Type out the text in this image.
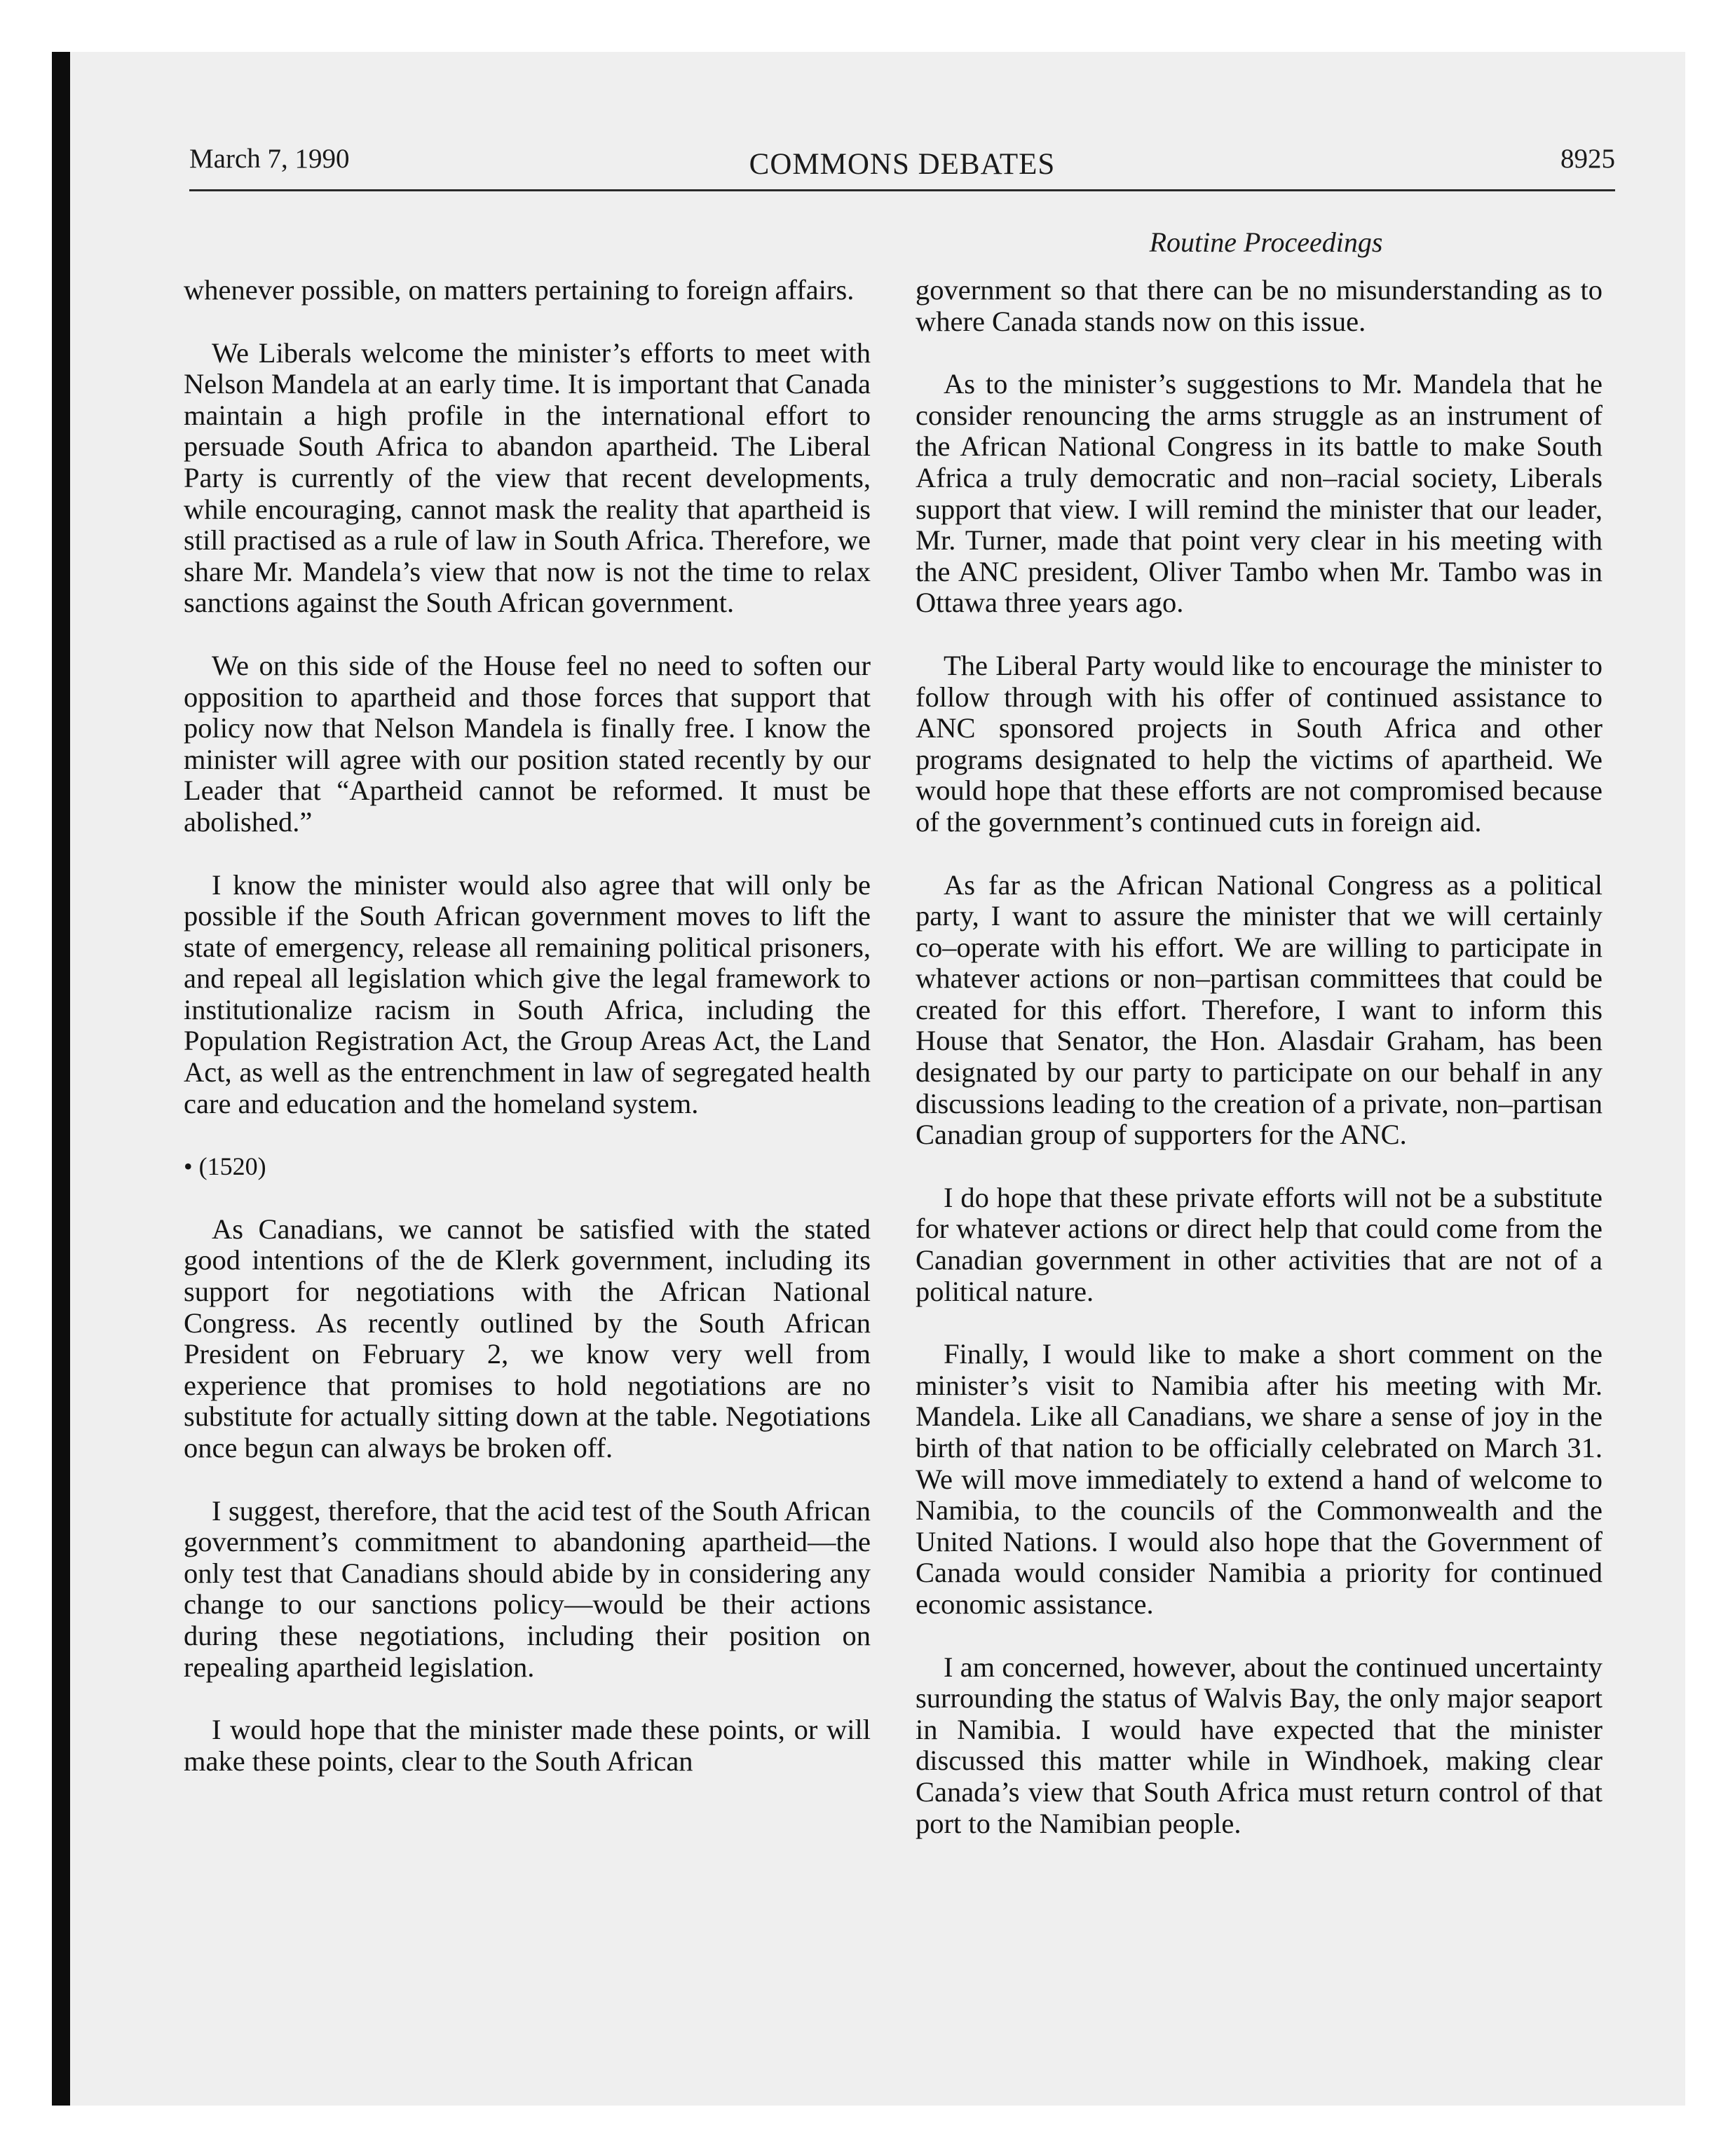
March 7, 1990	COMMONS DEBATES	8925
Routine Proceedings

whenever possible, on matters pertaining to foreign affairs.

We Liberals welcome the minister’s efforts to meet with Nelson Mandela at an early time. It is important that Canada maintain a high profile in the international effort to persuade South Africa to abandon apartheid. The Liberal Party is currently of the view that recent developments, while encouraging, cannot mask the reality that apartheid is still practised as a rule of law in South Africa. Therefore, we share Mr. Mandela’s view that now is not the time to relax sanctions against the South African government.

We on this side of the House feel no need to soften our opposition to apartheid and those forces that support that policy now that Nelson Mandela is finally free. I know the minister will agree with our position stated recently by our Leader that “Apartheid cannot be reformed. It must be abolished.”

I know the minister would also agree that will only be possible if the South African government moves to lift the state of emergency, release all remaining political prisoners, and repeal all legislation which give the legal framework to institutionalize racism in South Africa, including the Population Registration Act, the Group Areas Act, the Land Act, as well as the entrenchment in law of segregated health care and education and the homeland system.

• (1520)

As Canadians, we cannot be satisfied with the stated good intentions of the de Klerk government, including its support for negotiations with the African National Congress. As recently outlined by the South African President on February 2, we know very well from experience that promises to hold negotiations are no substitute for actually sitting down at the table. Negotiations once begun can always be broken off.

I suggest, therefore, that the acid test of the South African government’s commitment to abandoning apartheid—the only test that Canadians should abide by in considering any change to our sanctions policy—would be their actions during these negotiations, including their position on repealing apartheid legislation.

I would hope that the minister made these points, or will make these points, clear to the South African

government so that there can be no misunderstanding as to where Canada stands now on this issue.

As to the minister’s suggestions to Mr. Mandela that he consider renouncing the arms struggle as an instrument of the African National Congress in its battle to make South Africa a truly democratic and non–racial society, Liberals support that view. I will remind the minister that our leader, Mr. Turner, made that point very clear in his meeting with the ANC president, Oliver Tambo when Mr. Tambo was in Ottawa three years ago.

The Liberal Party would like to encourage the minister to follow through with his offer of continued assistance to ANC sponsored projects in South Africa and other programs designated to help the victims of apartheid. We would hope that these efforts are not compromised because of the government’s continued cuts in foreign aid.

As far as the African National Congress as a political party, I want to assure the minister that we will certainly co–operate with his effort. We are willing to participate in whatever actions or non–partisan committees that could be created for this effort. Therefore, I want to inform this House that Senator, the Hon. Alasdair Graham, has been designated by our party to participate on our behalf in any discussions leading to the creation of a private, non–partisan Canadian group of supporters for the ANC.

I do hope that these private efforts will not be a substitute for whatever actions or direct help that could come from the Canadian government in other activities that are not of a political nature.

Finally, I would like to make a short comment on the minister’s visit to Namibia after his meeting with Mr. Mandela. Like all Canadians, we share a sense of joy in the birth of that nation to be officially celebrated on March 31. We will move immediately to extend a hand of welcome to Namibia, to the councils of the Commonwealth and the United Nations. I would also hope that the Government of Canada would consider Namibia a priority for continued economic assistance.

I am concerned, however, about the continued uncertainty surrounding the status of Walvis Bay, the only major seaport in Namibia. I would have expected that the minister discussed this matter while in Windhoek, making clear Canada’s view that South Africa must return control of that port to the Namibian people.
